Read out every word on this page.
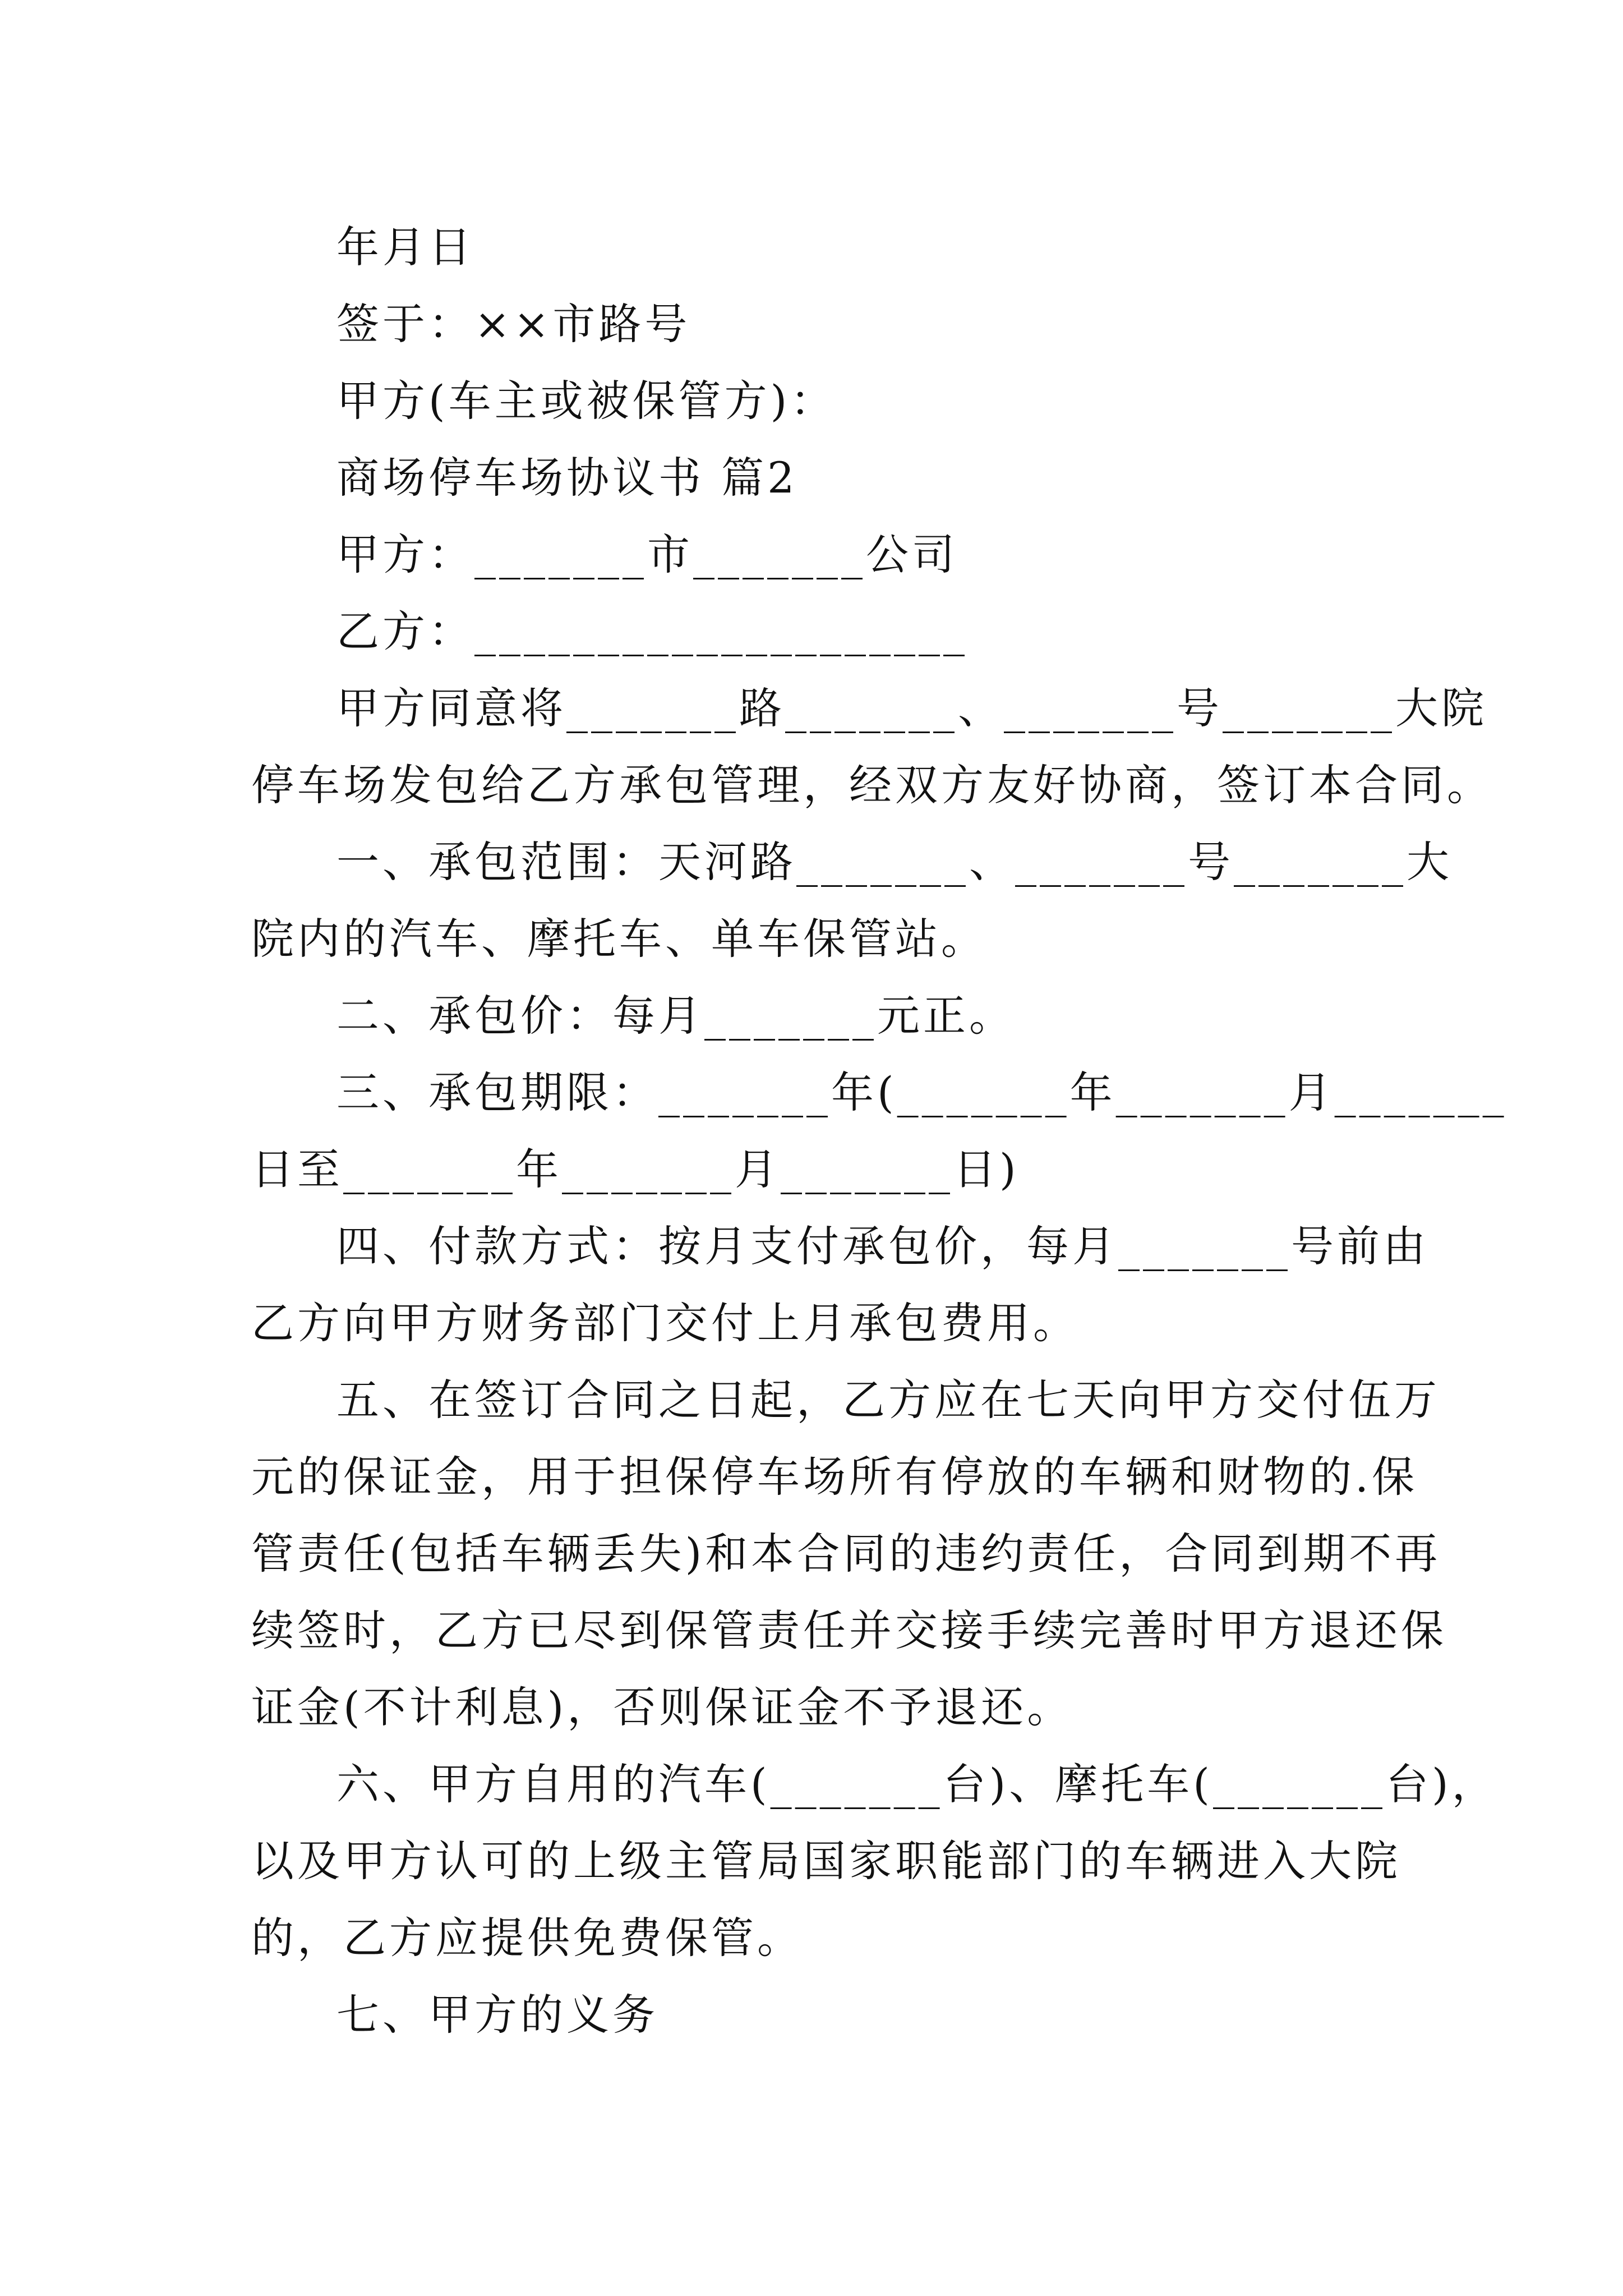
年月日
签于：××市路号
甲方(车主或被保管方)：
商场停车场协议书 篇2
甲方：_______市_______公司
乙方：____________________
甲方同意将_______路_______、_______号_______大院
停车场发包给乙方承包管理，经双方友好协商，签订本合同。
一、承包范围：天河路_______、_______号_______大
院内的汽车、摩托车、单车保管站。
二、承包价：每月_______元正。
三、承包期限：_______年(_______年_______月_______
日至_______年_______月_______日)
四、付款方式：按月支付承包价，每月_______号前由
乙方向甲方财务部门交付上月承包费用。
五、在签订合同之日起，乙方应在七天向甲方交付伍万
元的保证金，用于担保停车场所有停放的车辆和财物的.保
管责任(包括车辆丢失)和本合同的违约责任，合同到期不再
续签时，乙方已尽到保管责任并交接手续完善时甲方退还保
证金(不计利息)，否则保证金不予退还。
六、甲方自用的汽车(_______台)、摩托车(_______台)，
以及甲方认可的上级主管局国家职能部门的车辆进入大院
的，乙方应提供免费保管。
七、甲方的义务
